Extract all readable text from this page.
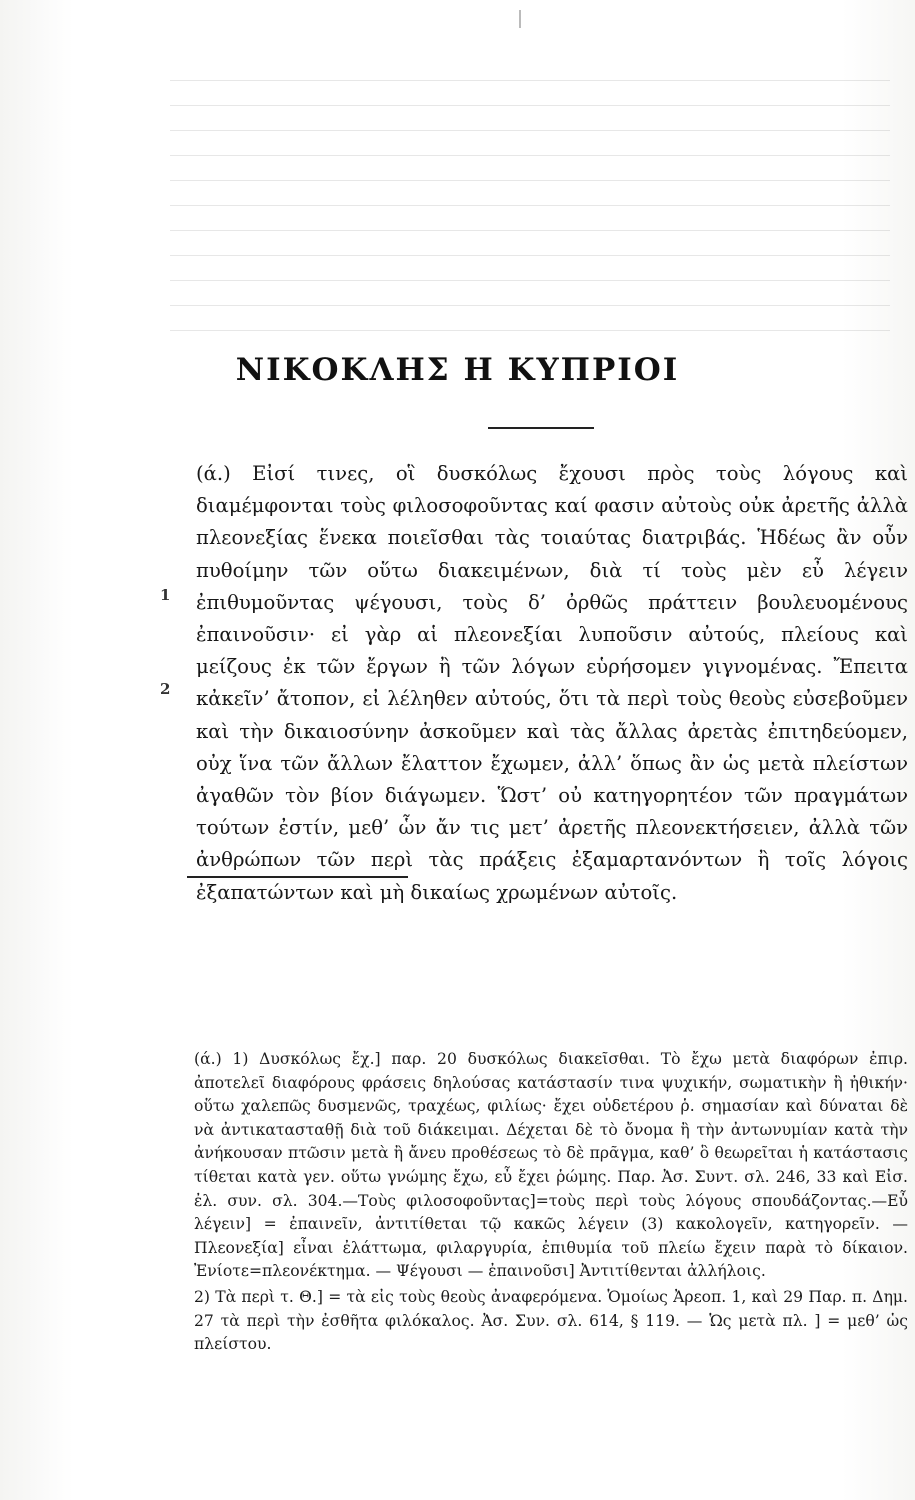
ΝΙΚΟΚΛΗΣ Η ΚΥΠΡΙΟΙ

(ά.) Εἰσί τινες, οἳ δυσκόλως ἔχουσι πρὸς τοὺς λόγους καὶ διαμέμφονται τοὺς φιλοσοφοῦντας καί φασιν αὐτοὺς οὐκ ἀρετῆς ἀλλὰ πλεονεξίας ἕνεκα ποιεῖσθαι τὰς τοιαύτας διατριβάς. Ἡδέως ἂν οὖν πυθοίμην τῶν οὕτω διακειμένων, διὰ τί τοὺς μὲν εὖ λέγειν ἐπιθυμοῦντας ψέγουσι, τοὺς δ’ ὀρθῶς πράττειν βουλευομένους ἐπαινοῦσιν· εἰ γὰρ αἱ πλεονεξίαι λυποῦσιν αὐτούς, πλείους καὶ μείζους ἐκ τῶν ἔργων ἢ τῶν λόγων εὑρήσομεν γιγνομένας. Ἔπειτα κἀκεῖν’ ἄτοπον, εἰ λέληθεν αὐτούς, ὅτι τὰ περὶ τοὺς θεοὺς εὐσεβοῦμεν καὶ τὴν δικαιοσύνην ἀσκοῦμεν καὶ τὰς ἄλλας ἀρετὰς ἐπιτηδεύομεν, οὐχ ἵνα τῶν ἄλλων ἔλαττον ἔχωμεν, ἀλλ’ ὅπως ἂν ὡς μετὰ πλείστων ἀγαθῶν τὸν βίον διάγωμεν. Ὥστ’ οὐ κατηγορητέον τῶν πραγμάτων τούτων ἐστίν, μεθ’ ὧν ἄν τις μετ’ ἀρετῆς πλεονεκτήσειεν, ἀλλὰ τῶν ἀνθρώπων τῶν περὶ τὰς πράξεις ἐξαμαρτανόντων ἢ τοῖς λόγοις ἐξαπατώντων καὶ μὴ δικαίως χρωμένων αὐτοῖς.

1
2

(ά.) 1) Δυσκόλως ἔχ.] παρ. 20 δυσκόλως διακεῖσθαι. Τὸ ἔχω μετὰ διαφόρων ἐπιρ. ἀποτελεῖ διαφόρους φράσεις δηλούσας κατάστασίν τινα ψυχικήν, σωματικὴν ἢ ἠθικήν· οὕτω χαλεπῶς δυσμενῶς, τραχέως, φιλίως· ἔχει οὐδετέρου ῥ. σημασίαν καὶ δύναται δὲ νὰ ἀντικατασταθῇ διὰ τοῦ διάκειμαι. Δέχεται δὲ τὸ ὄνομα ἢ τὴν ἀντωνυμίαν κατὰ τὴν ἀνήκουσαν πτῶσιν μετὰ ἢ ἄνευ προθέσεως τὸ δὲ πρᾶγμα, καθ’ ὃ θεωρεῖται ἡ κατάστασις τίθεται κατὰ γεν. οὕτω γνώμης ἔχω, εὖ ἔχει ῥώμης. Παρ. Ἀσ. Συντ. σλ. 246, 33 καὶ Εἰσ. ἐλ. συν. σλ. 304.—Τοὺς φιλοσοφοῦντας]=τοὺς περὶ τοὺς λόγους σπουδάζοντας.—Εὖ λέγειν] = ἐπαινεῖν, ἀντιτίθεται τῷ κακῶς λέγειν (3) κακολογεῖν, κατηγορεῖν. — Πλεονεξία] εἶναι ἐλάττωμα, φιλαργυρία, ἐπιθυμία τοῦ πλείω ἔχειν παρὰ τὸ δίκαιον. Ἐνίοτε=πλεονέκτημα. — Ψέγουσι — ἐπαινοῦσι] Ἀντιτίθενται ἀλλήλοις.

2) Τὰ περὶ τ. Θ.] = τὰ εἰς τοὺς θεοὺς ἀναφερόμενα. Ὁμοίως Ἀρεοπ. 1, καὶ 29 Παρ. π. Δημ. 27 τὰ περὶ τὴν ἐσθῆτα φιλόκαλος. Ἀσ. Συν. σλ. 614, § 119. — Ὡς μετὰ πλ. ] = μεθ’ ὡς πλείστου.
